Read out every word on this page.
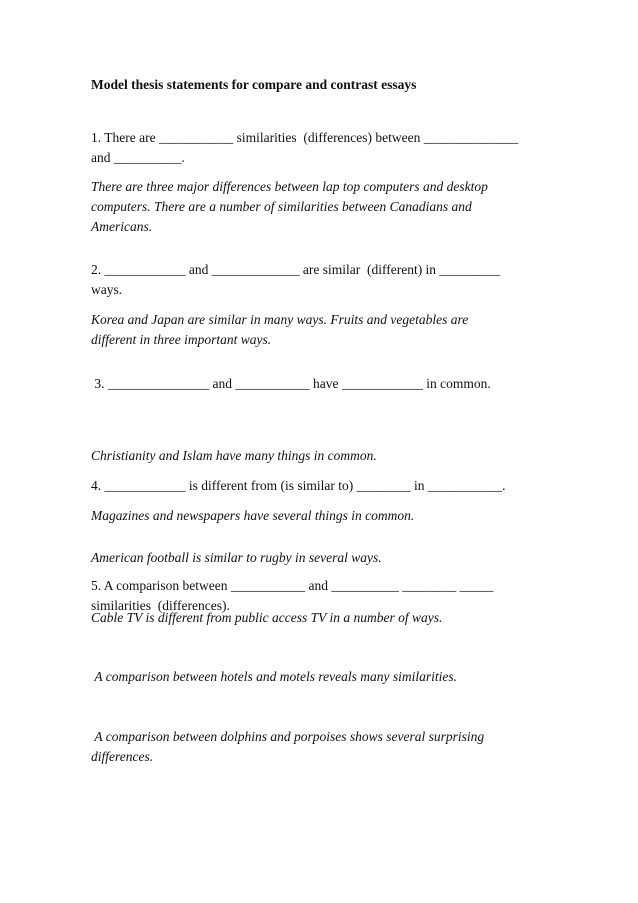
Model thesis statements for compare and contrast essays
1. There are ___________ similarities  (differences) between ______________
and __________.
There are three major differences between lap top computers and desktop
computers. There are a number of similarities between Canadians and
Americans.
2. ____________ and _____________ are similar  (different) in _________
ways.
Korea and Japan are similar in many ways. Fruits and vegetables are
different in three important ways.
3. _______________ and ___________ have ____________ in common.

Christianity and Islam have many things in common.

Magazines and newspapers have several things in common.

4. ____________ is different from (is similar to) ________ in ___________.

American football is similar to rugby in several ways.

Cable TV is different from public access TV in a number of ways.

5. A comparison between ___________ and __________ ________ _____
similarities  (differences).

A comparison between hotels and motels reveals many similarities.

A comparison between dolphins and porpoises shows several surprising
differences.
